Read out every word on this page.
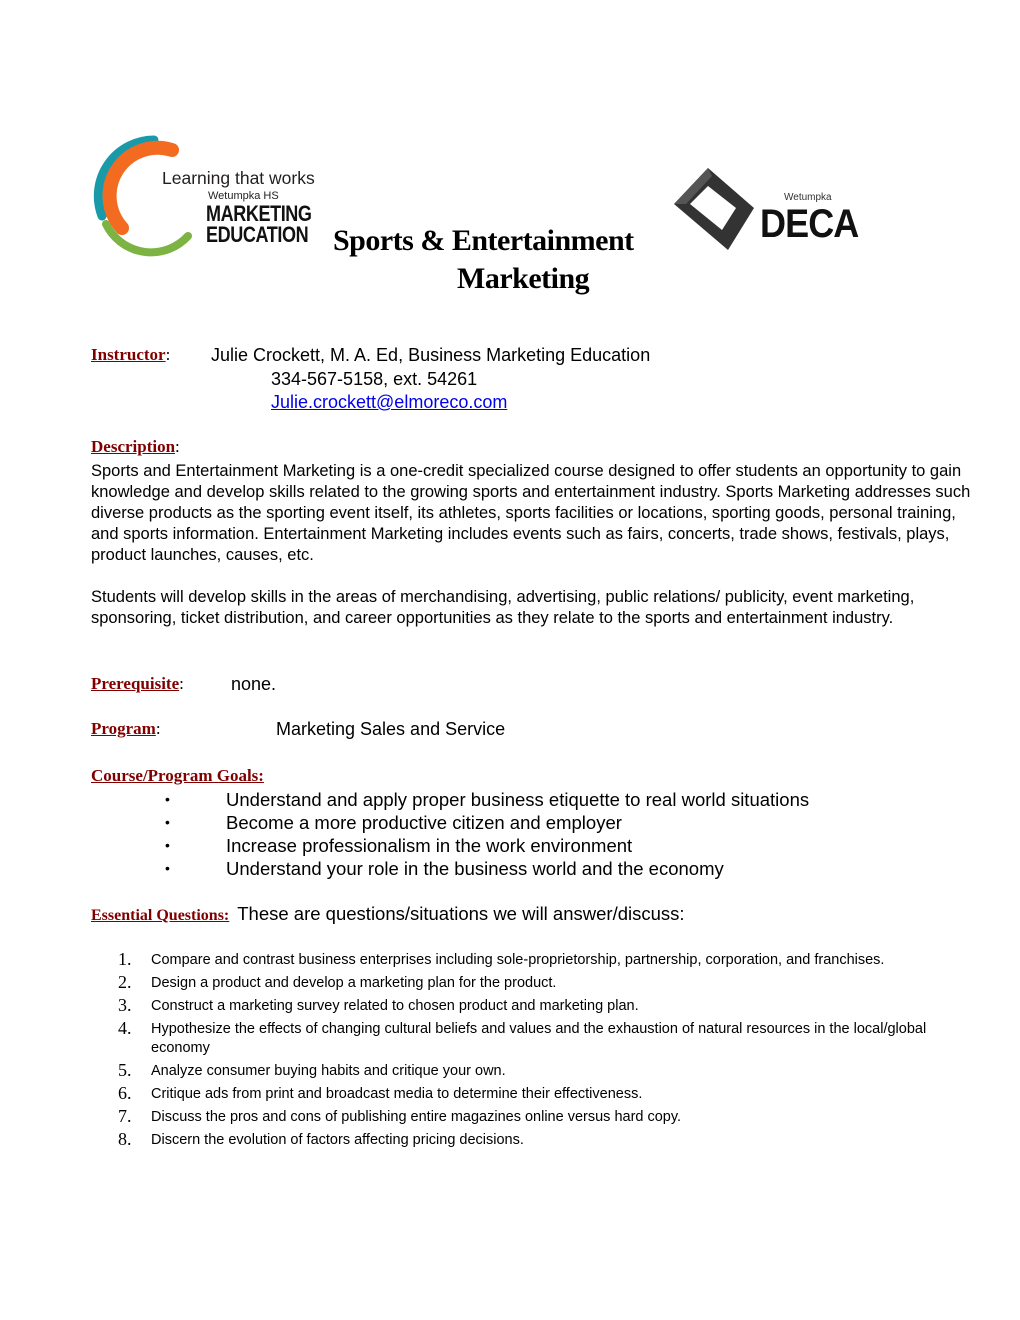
Learning that works
Wetumpka HS
MARKETING
EDUCATION
Wetumpka
DECA
Sports & Entertainment
Marketing
Instructor: Julie Crockett, M. A. Ed, Business Marketing Education
334-567-5158, ext. 54261
Julie.crockett@elmoreco.com
Description:
Sports and Entertainment Marketing is a one-credit specialized course designed to offer students an opportunity to gain knowledge and develop skills related to the growing sports and entertainment industry. Sports Marketing addresses such diverse products as the sporting event itself, its athletes, sports facilities or locations, sporting goods, personal training, and sports information. Entertainment Marketing includes events such as fairs, concerts, trade shows, festivals, plays, product launches, causes, etc.
Students will develop skills in the areas of merchandising, advertising, public relations/ publicity, event marketing, sponsoring, ticket distribution, and career opportunities as they relate to the sports and entertainment industry.
Prerequisite:	none.
Program:	Marketing Sales and Service
Course/Program Goals:
•	Understand and apply proper business etiquette to real world situations
•	Become a more productive citizen and employer
•	Increase professionalism in the work environment
•	Understand your role in the business world and the economy
Essential Questions: These are questions/situations we will answer/discuss:
1. Compare and contrast business enterprises including sole-proprietorship, partnership, corporation, and franchises.
2. Design a product and develop a marketing plan for the product.
3. Construct a marketing survey related to chosen product and marketing plan.
4. Hypothesize the effects of changing cultural beliefs and values and the exhaustion of natural resources in the local/global economy
5. Analyze consumer buying habits and critique your own.
6. Critique ads from print and broadcast media to determine their effectiveness.
7. Discuss the pros and cons of publishing entire magazines online versus hard copy.
8. Discern the evolution of factors affecting pricing decisions.
